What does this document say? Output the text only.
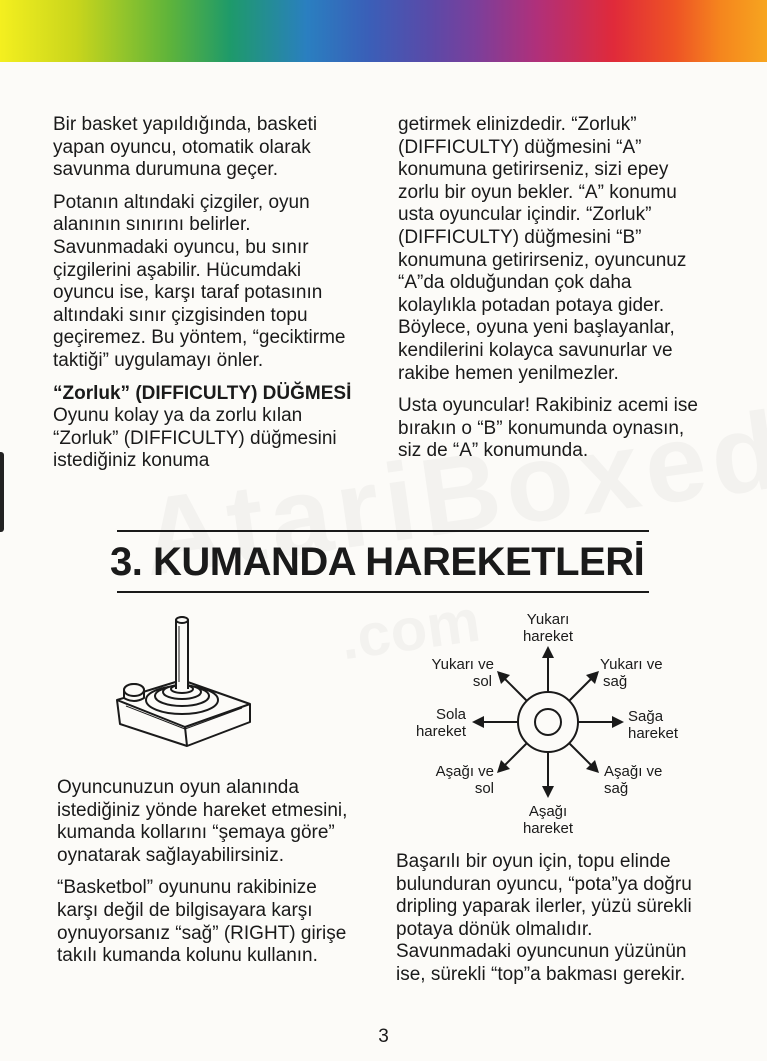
Bir basket yapıldığında, basketi yapan oyuncu, otomatik olarak savunma durumuna geçer.

Potanın altındaki çizgiler, oyun alanının sınırını belirler. Savunmadaki oyuncu, bu sınır çizgilerini aşabilir. Hücumdaki oyuncu ise, karşı taraf potasının altındaki sınır çizgisinden topu geçiremez. Bu yöntem, “geciktirme taktiği” uygulamayı önler.

“Zorluk” (DIFFICULTY) DÜĞMESİ

Oyunu kolay ya da zorlu kılan “Zorluk” (DIFFICULTY) düğmesini istediğiniz konuma

getirmek elinizdedir. “Zorluk” (DIFFICULTY) düğmesini “A” konumuna getirirseniz, sizi epey zorlu bir oyun bekler. “A” konumu usta oyuncular içindir. “Zorluk” (DIFFICULTY) düğmesini “B” konumuna getirirseniz, oyuncunuz “A”da olduğundan çok daha kolaylıkla potadan potaya gider. Böylece, oyuna yeni başlayanlar, kendilerini kolayca savunurlar ve rakibe hemen yenilmezler.

Usta oyuncular! Rakibiniz acemi ise bırakın o “B” konumunda oynasın, siz de “A” konumunda.

3. KUMANDA HAREKETLERİ
Yukarı
hareket
Yukarı ve
sol
Yukarı ve
sağ
Sola
hareket
Sağa
hareket
Aşağı ve
sol
Aşağı ve
sağ
Aşağı
hareket

Oyuncunuzun oyun alanında istediğiniz yönde hareket etmesini, kumanda kollarını “şemaya göre” oynatarak sağlayabilirsiniz.

“Basketbol” oyununu rakibinize karşı değil de bilgisayara karşı oynuyorsanız “sağ” (RIGHT) girişe takılı kumanda kolunu kullanın.

Başarılı bir oyun için, topu elinde bulunduran oyuncu, “pota”ya doğru dripling yaparak ilerler, yüzü sürekli potaya dönük olmalıdır. Savunmadaki oyuncunun yüzünün ise, sürekli “top”a bakması gerekir.

3
